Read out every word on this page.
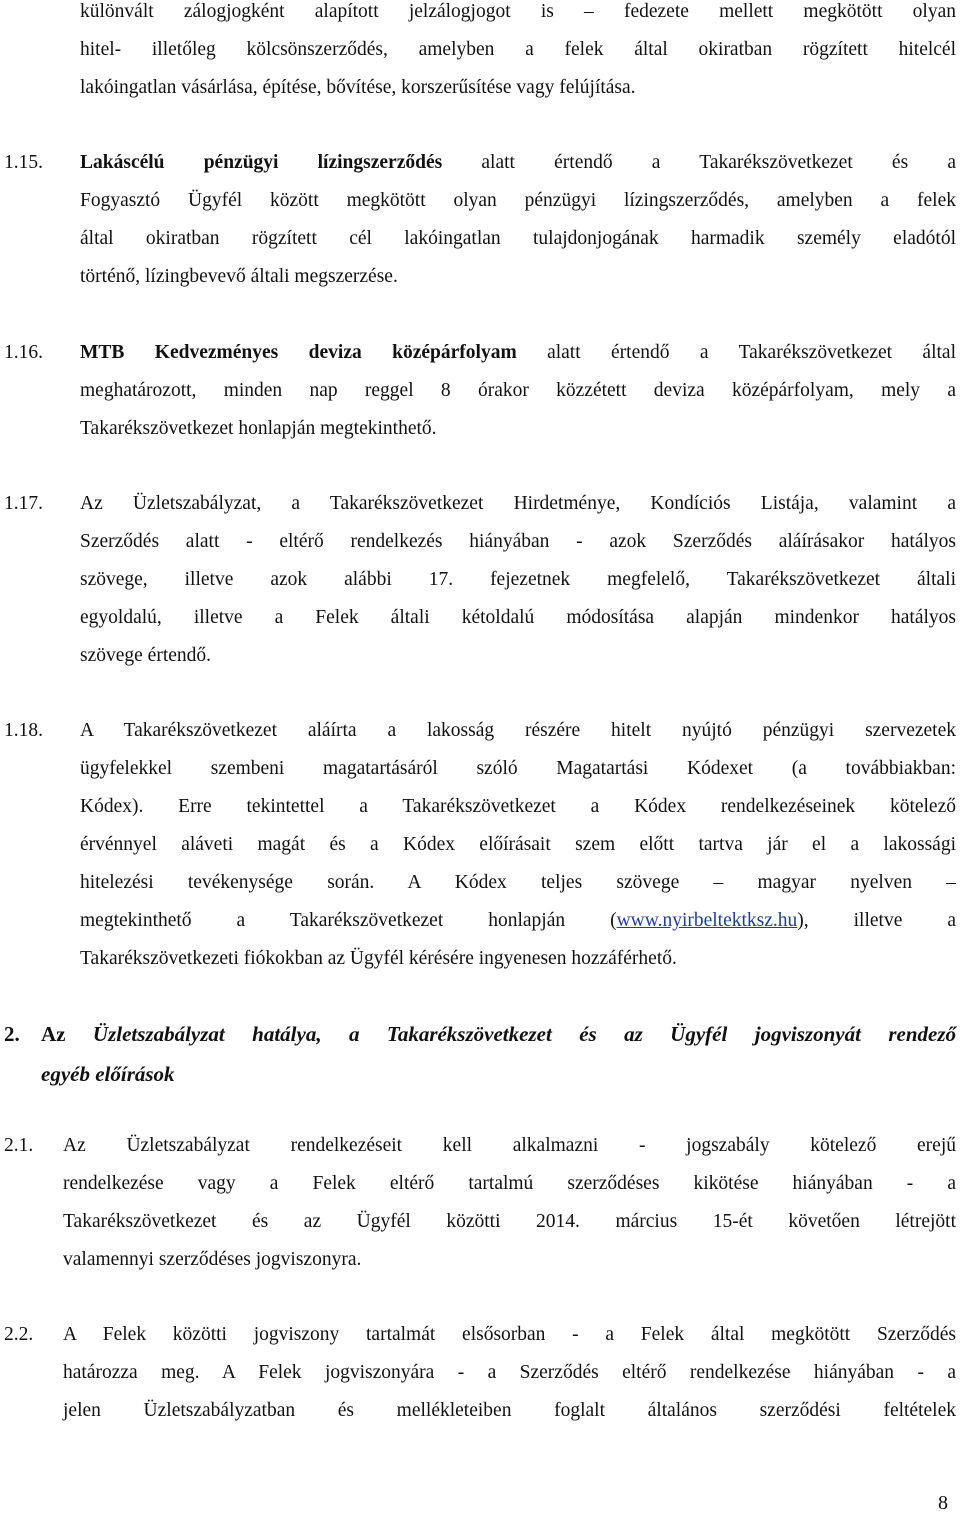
különvált zálogjogként alapított jelzálogjogot is – fedezete mellett megkötött olyan
hitel- illetőleg kölcsönszerződés, amelyben a felek által okiratban rögzített hitelcél
lakóingatlan vásárlása, építése, bővítése, korszerűsítése vagy felújítása.
1.15. Lakáscélú pénzügyi lízingszerződés alatt értendő a Takarékszövetkezet és a
Fogyasztó Ügyfél között megkötött olyan pénzügyi lízingszerződés, amelyben a felek
által okiratban rögzített cél lakóingatlan tulajdonjogának harmadik személy eladótól
történő, lízingbevevő általi megszerzése.
1.16. MTB Kedvezményes deviza középárfolyam alatt értendő a Takarékszövetkezet által
meghatározott, minden nap reggel 8 órakor közzétett deviza középárfolyam, mely a
Takarékszövetkezet honlapján megtekinthető.
1.17. Az Üzletszabályzat, a Takarékszövetkezet Hirdetménye, Kondíciós Listája, valamint a
Szerződés alatt - eltérő rendelkezés hiányában - azok Szerződés aláírásakor hatályos
szövege, illetve azok alábbi 17. fejezetnek megfelelő, Takarékszövetkezet általi
egyoldalú, illetve a Felek általi kétoldalú módosítása alapján mindenkor hatályos
szövege értendő.
1.18. A Takarékszövetkezet aláírta a lakosság részére hitelt nyújtó pénzügyi szervezetek
ügyfelekkel szembeni magatartásáról szóló Magatartási Kódexet (a továbbiakban:
Kódex). Erre tekintettel a Takarékszövetkezet a Kódex rendelkezéseinek kötelező
érvénnyel aláveti magát és a Kódex előírásait szem előtt tartva jár el a lakossági
hitelezési tevékenysége során. A Kódex teljes szövege – magyar nyelven –
megtekinthető a Takarékszövetkezet honlapján (www.nyirbeltektksz.hu), illetve a
Takarékszövetkezeti fiókokban az Ügyfél kérésére ingyenesen hozzáférhető.
2. Az Üzletszabályzat hatálya, a Takarékszövetkezet és az Ügyfél jogviszonyát rendező
egyéb előírások
2.1. Az Üzletszabályzat rendelkezéseit kell alkalmazni - jogszabály kötelező erejű
rendelkezése vagy a Felek eltérő tartalmú szerződéses kikötése hiányában - a
Takarékszövetkezet és az Ügyfél közötti 2014. március 15-ét követően létrejött
valamennyi szerződéses jogviszonyra.
2.2. A Felek közötti jogviszony tartalmát elsősorban - a Felek által megkötött Szerződés
határozza meg. A Felek jogviszonyára - a Szerződés eltérő rendelkezése hiányában - a
jelen Üzletszabályzatban és mellékleteiben foglalt általános szerződési feltételek
8
